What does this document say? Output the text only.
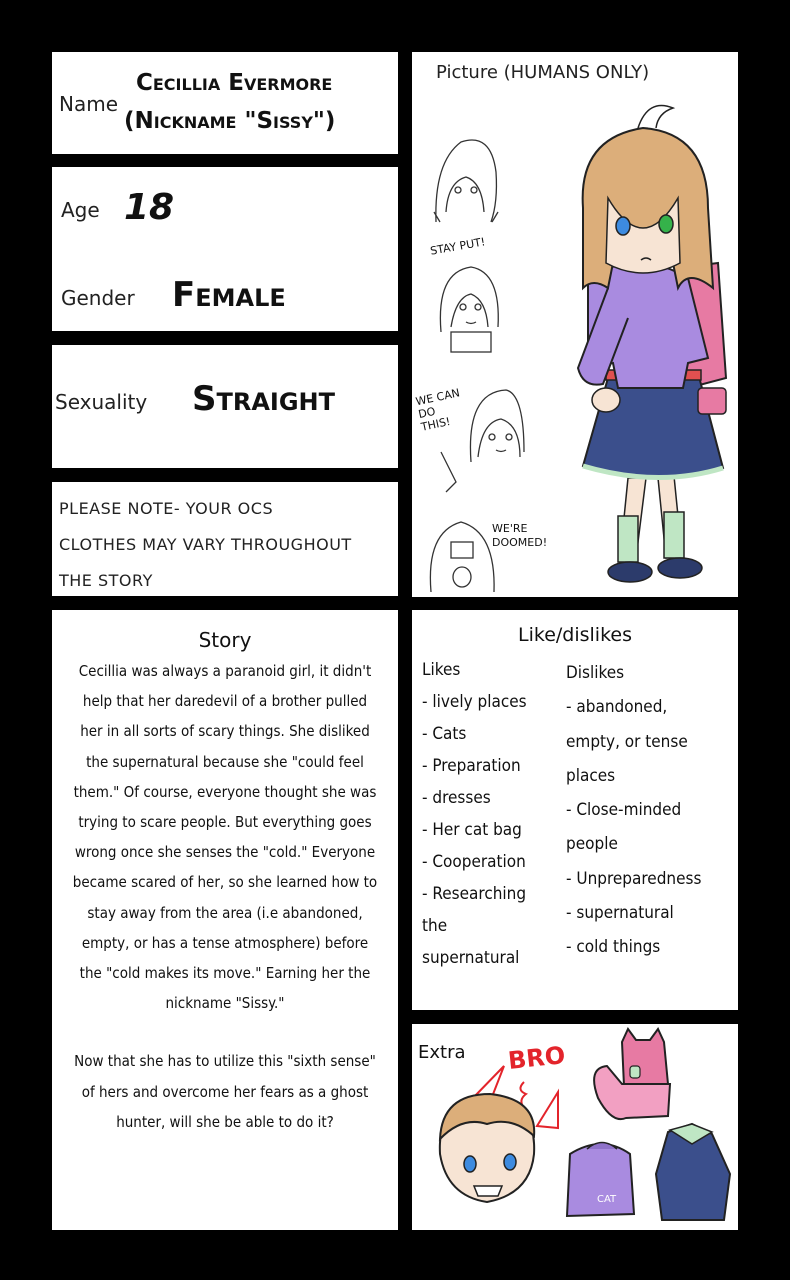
Name
Cecillia Evermore
(Nickname "Sissy")
Age 18
Gender Female
Sexuality Straight
PLEASE NOTE- YOUR OCS
CLOTHES MAY VARY THROUGHOUT
THE STORY
Picture (HUMANS ONLY)
STAY PUT!
WE CAN DO THIS!
WE'RE DOOMED!
Story

Cecillia was always a paranoid girl, it didn't help that her daredevil of a brother pulled her in all sorts of scary things. She disliked the supernatural because she "could feel them." Of course, everyone thought she was trying to scare people. But everything goes wrong once she senses the "cold." Everyone became scared of her, so she learned how to stay away from the area (i.e abandoned, empty, or has a tense atmosphere) before the "cold makes its move." Earning her the nickname "Sissy."

Now that she has to utilize this "sixth sense" of hers and overcome her fears as a ghost hunter, will she be able to do it?

Like/dislikes
Likes
- lively places
- Cats
- Preparation
- dresses
- Her cat bag
- Cooperation
- Researching
the
supernatural
Dislikes
- abandoned,
empty, or tense
places
- Close-minded
people
- Unpreparedness
- supernatural
- cold things
Extra BRO
CAT
